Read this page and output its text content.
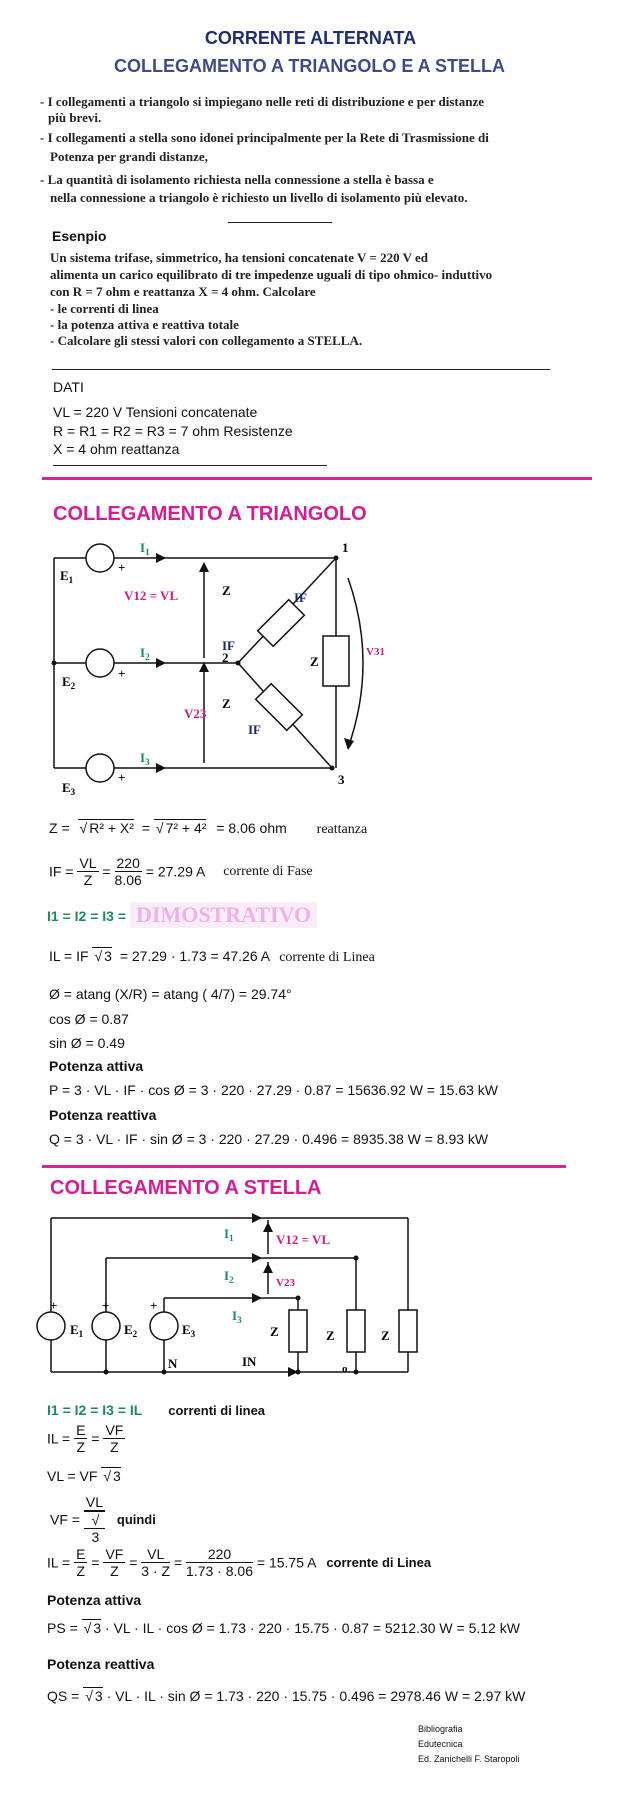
CORRENTE ALTERNATA
COLLEGAMENTO A TRIANGOLO E A STELLA
- I collegamenti a triangolo si impiegano nelle reti di distribuzione e per distanze
più brevi.
- I collegamenti a stella sono idonei principalmente per la Rete di Trasmissione di
Potenza per grandi distanze,
- La quantità di isolamento richiesta nella connessione a stella è bassa e
nella connessione a triangolo è richiesto un livello di isolamento più elevato.
Esenpio
Un sistema trifase, simmetrico, ha tensioni concatenate V = 220 V ed
alimenta un carico equilibrato di tre impedenze uguali di tipo ohmico- induttivo
con R = 7 ohm e reattanza X = 4 ohm. Calcolare
- le correnti di linea
- la potenza attiva e reattiva totale
- Calcolare gli stessi valori con collegamento a STELLA.
DATI
VL = 220 V Tensioni concatenate
R = R1 = R2 = R3 = 7 ohm Resistenze
X = 4 ohm reattanza
COLLEGAMENTO A TRIANGOLO
$E_1$
+
$E_2$
+
$E_3$
+
$I_1$
$I_2$
$I_3$
V12 = VL
V23
V31
Z
Z
Z
IF
IF
IF
1
2
3
Z = √ R² + X² = √ 7² + 4² = 8.06 ohm reattanza
IF = $\frac{VL}{Z} = \frac{220}{8.06} = 27.29$ A corrente di Fase
I1 = I2 = I3 = DIMOSTRATIVO
IL = IF √ 3 = 27.29 · 1.73 = 47.26 A corrente di Linea
Ø = atang (X/R) = atang ( 4/7) = 29.74°
cos Ø = 0.87
sin Ø = 0.49
Potenza attiva
P = 3 · VL · IF · cos Ø = 3 · 220 · 27.29 · 0.87 = 15636.92 W = 15.63 kW
Potenza reattiva
Q = 3 · VL · IF · sin Ø = 3 · 220 · 27.29 · 0.496 = 8935.38 W = 8.93 kW
COLLEGAMENTO A STELLA
$I_1$
$I_2$
$I_3$
V12 = VL
V23
+	+	+
$E_1$	$E_2$	$E_3$	Z	Z	Z
N	IN	o
I1 = I2 = I3 = IL correnti di linea
IL = $\frac{E}{Z} = \frac{VF}{Z}$
VL = VF √ 3
VF = VL
√
3 quindi
IL = $\frac{E}{Z} = \frac{VF}{Z} = \frac{VL}{3 \cdot Z} = \frac{220}{1.73 \cdot 8.06} = 15.75$ A corrente di Linea
Potenza attiva
PS = √ 3 · VL · IL · cos Ø = 1.73 · 220 · 15.75 · 0.87 = 5212.30 W = 5.12 kW
Potenza reattiva
QS = √ 3 · VL · IL · sin Ø = 1.73 · 220 · 15.75 · 0.496 = 2978.46 W = 2.97 kW
Bibliografia
Edutecnica
Ed. Zanichelli F. Staropoli
